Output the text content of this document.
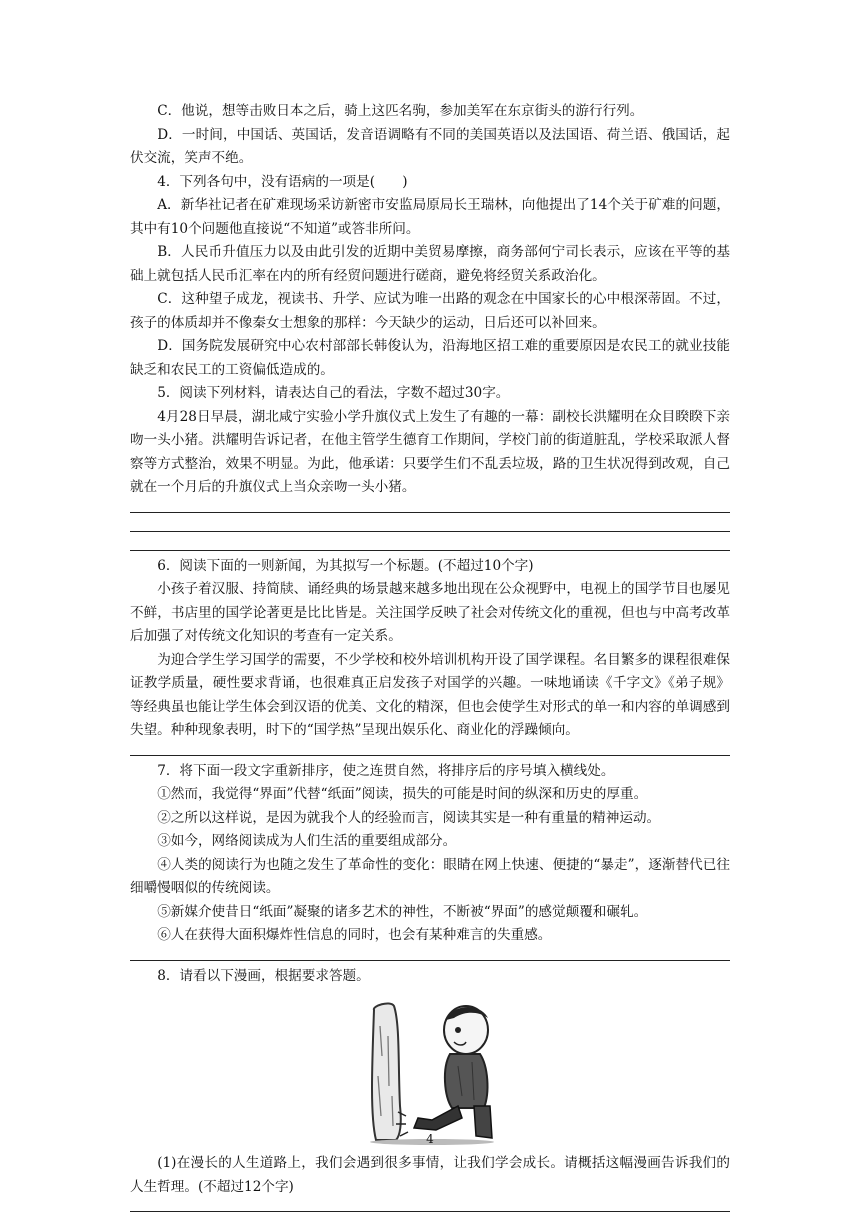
C．他说，想等击败日本之后，骑上这匹名驹，参加美军在东京街头的游行行列。

D．一时间，中国话、英国话，发音语调略有不同的美国英语以及法国语、荷兰语、俄国话，起伏交流，笑声不绝。

4．下列各句中，没有语病的一项是(　　)

A．新华社记者在矿难现场采访新密市安监局原局长王瑞林，向他提出了14个关于矿难的问题，其中有10个问题他直接说“不知道”或答非所问。

B．人民币升值压力以及由此引发的近期中美贸易摩擦，商务部何宁司长表示，应该在平等的基础上就包括人民币汇率在内的所有经贸问题进行磋商，避免将经贸关系政治化。

C．这种望子成龙，视读书、升学、应试为唯一出路的观念在中国家长的心中根深蒂固。不过，孩子的体质却并不像秦女士想象的那样：今天缺少的运动，日后还可以补回来。

D．国务院发展研究中心农村部部长韩俊认为，沿海地区招工难的重要原因是农民工的就业技能缺乏和农民工的工资偏低造成的。

5．阅读下列材料，请表达自己的看法，字数不超过30字。

4月28日早晨，湖北咸宁实验小学升旗仪式上发生了有趣的一幕：副校长洪耀明在众目睽睽下亲吻一头小猪。洪耀明告诉记者，在他主管学生德育工作期间，学校门前的街道脏乱，学校采取派人督察等方式整治，效果不明显。为此，他承诺：只要学生们不乱丢垃圾，路的卫生状况得到改观，自己就在一个月后的升旗仪式上当众亲吻一头小猪。

6．阅读下面的一则新闻，为其拟写一个标题。(不超过10个字)

小孩子着汉服、持简牍、诵经典的场景越来越多地出现在公众视野中，电视上的国学节目也屡见不鲜，书店里的国学论著更是比比皆是。关注国学反映了社会对传统文化的重视，但也与中高考改革后加强了对传统文化知识的考查有一定关系。

为迎合学生学习国学的需要，不少学校和校外培训机构开设了国学课程。名目繁多的课程很难保证教学质量，硬性要求背诵，也很难真正启发孩子对国学的兴趣。一味地诵读《千字文》《弟子规》等经典虽也能让学生体会到汉语的优美、文化的精深，但也会使学生对形式的单一和内容的单调感到失望。种种现象表明，时下的“国学热”呈现出娱乐化、商业化的浮躁倾向。

7．将下面一段文字重新排序，使之连贯自然，将排序后的序号填入横线处。

①然而，我觉得“界面”代替“纸面”阅读，损失的可能是时间的纵深和历史的厚重。

②之所以这样说，是因为就我个人的经验而言，阅读其实是一种有重量的精神运动。

③如今，网络阅读成为人们生活的重要组成部分。

④人类的阅读行为也随之发生了革命性的变化：眼睛在网上快速、便捷的“暴走”，逐渐替代已往细嚼慢咽似的传统阅读。

⑤新媒介使昔日“纸面”凝聚的诸多艺术的神性，不断被“界面”的感觉颠覆和碾轧。

⑥人在获得大面积爆炸性信息的同时，也会有某种难言的失重感。

8．请看以下漫画，根据要求答题。

(1)在漫长的人生道路上，我们会遇到很多事情，让我们学会成长。请概括这幅漫画告诉我们的人生哲理。(不超过12个字)

4
